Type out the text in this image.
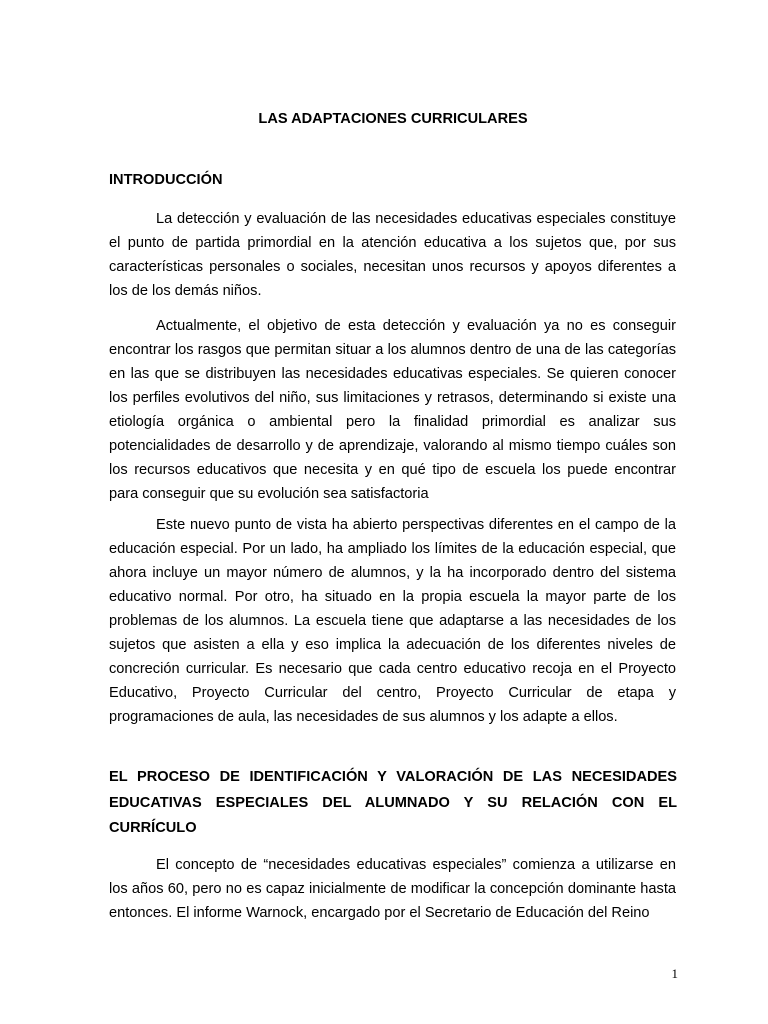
LAS ADAPTACIONES CURRICULARES
INTRODUCCIÓN

La detección y evaluación de las necesidades educativas especiales constituye el punto de partida primordial en la atención educativa a los sujetos que, por sus características personales o sociales, necesitan unos recursos y apoyos diferentes a los de los demás niños.

Actualmente, el objetivo de esta detección y evaluación ya no es conseguir encontrar los rasgos que permitan situar a los alumnos dentro de una de las categorías en las que se distribuyen las necesidades educativas especiales. Se quieren conocer los perfiles evolutivos del niño, sus limitaciones y retrasos, determinando si existe una etiología orgánica o ambiental pero la finalidad primordial es analizar sus potencialidades de desarrollo y de aprendizaje, valorando al mismo tiempo cuáles son los recursos educativos que necesita y en qué tipo de escuela los puede encontrar para conseguir que su evolución sea satisfactoria

Este nuevo punto de vista ha abierto perspectivas diferentes en el campo de la educación especial. Por un lado, ha ampliado los límites de la educación especial, que ahora incluye un mayor número de alumnos, y la ha incorporado dentro del sistema educativo normal. Por otro, ha situado en la propia escuela la mayor parte de los problemas de los alumnos. La escuela tiene que adaptarse a las necesidades de los sujetos que asisten a ella y eso implica la adecuación de los diferentes niveles de concreción curricular. Es necesario que cada centro educativo recoja en el Proyecto Educativo, Proyecto Curricular del centro, Proyecto Curricular de etapa y programaciones de aula, las necesidades de sus alumnos y los adapte a ellos.

EL PROCESO DE IDENTIFICACIÓN Y VALORACIÓN DE LAS NECESIDADES EDUCATIVAS ESPECIALES DEL ALUMNADO Y SU RELACIÓN CON EL CURRÍCULO

El concepto de “necesidades educativas especiales” comienza a utilizarse en los años 60, pero no es capaz inicialmente de modificar la concepción dominante hasta entonces. El informe Warnock, encargado por el Secretario de Educación del Reino

1
